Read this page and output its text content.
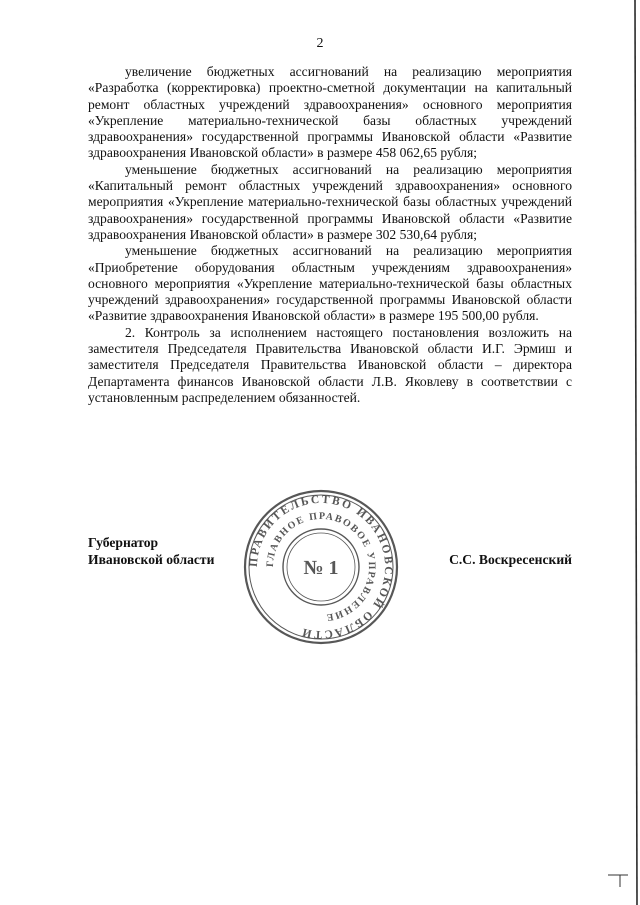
2

увеличение бюджетных ассигнований на реализацию мероприятия «Разработка (корректировка) проектно-сметной документации на капитальный ремонт областных учреждений здравоохранения» основного мероприятия «Укрепление материально-технической базы областных учреждений здравоохранения» государственной программы Ивановской области «Развитие здравоохранения Ивановской области» в размере 458 062,65 рубля;

уменьшение бюджетных ассигнований на реализацию мероприятия «Капитальный ремонт областных учреждений здравоохранения» основного мероприятия «Укрепление материально-технической базы областных учреждений здравоохранения» государственной программы Ивановской области «Развитие здравоохранения Ивановской области» в размере 302 530,64 рубля;

уменьшение бюджетных ассигнований на реализацию мероприятия «Приобретение оборудования областным учреждениям здравоохранения» основного мероприятия «Укрепление материально-технической базы областных учреждений здравоохранения» государственной программы Ивановской области «Развитие здравоохранения Ивановской области» в размере 195 500,00 рубля.

2. Контроль за исполнением настоящего постановления возложить на заместителя Председателя Правительства Ивановской области И.Г. Эрмиш и заместителя Председателя Правительства Ивановской области – директора Департамента финансов Ивановской области Л.В. Яковлеву в соответствии с установленным распределением обязанностей.

Губернатор
Ивановской области	С.С. Воскресенский
ПРАВИТЕЛЬСТВО ИВАНОВСКОЙ ОБЛАСТИ
ГЛАВНОЕ ПРАВОВОЕ УПРАВЛЕНИЕ
№ 1
